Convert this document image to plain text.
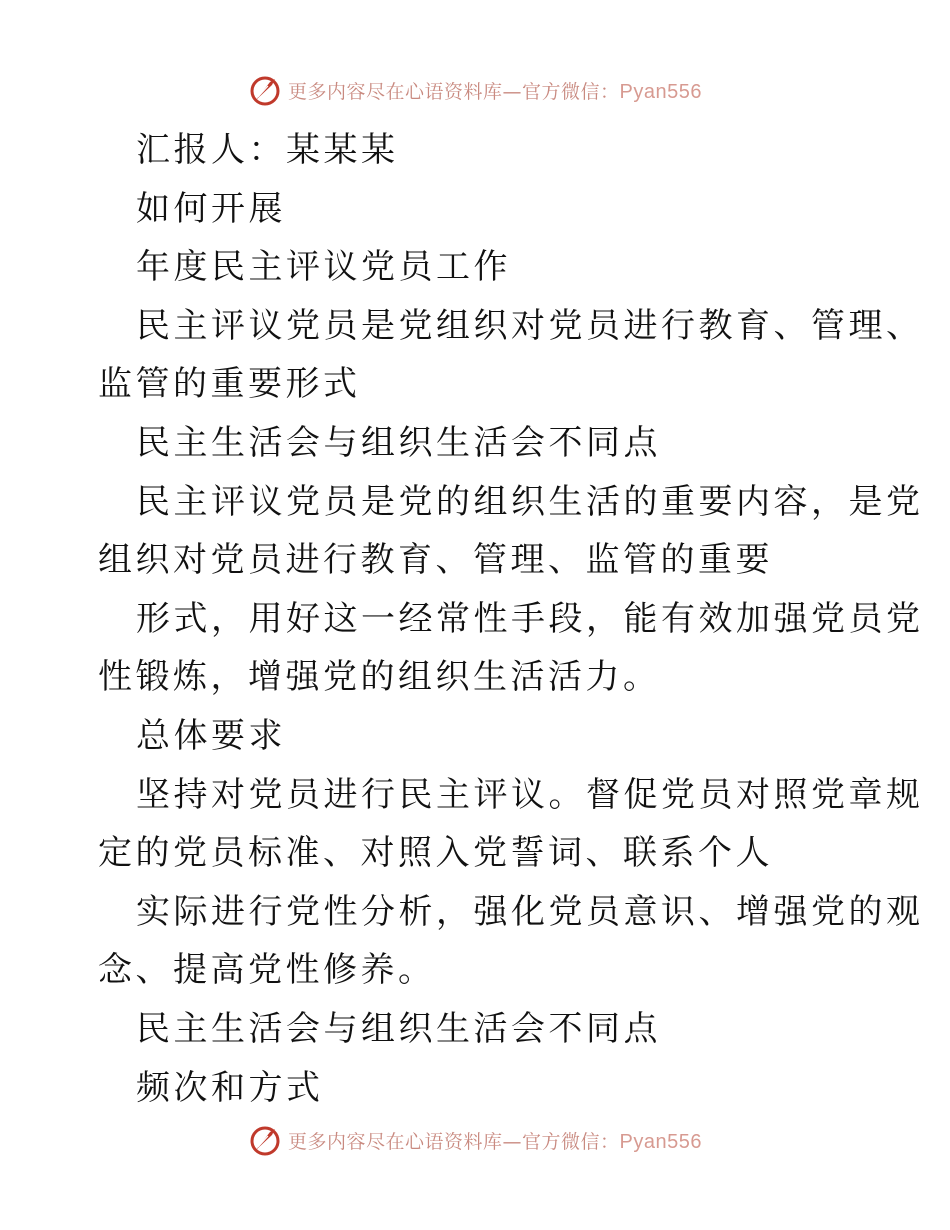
更多内容尽在心语资料库—官方微信：Pyan556
汇报人：某某某
如何开展
年度民主评议党员工作
民主评议党员是党组织对党员进行教育、管理、
监管的重要形式
民主生活会与组织生活会不同点
民主评议党员是党的组织生活的重要内容，是党
组织对党员进行教育、管理、监管的重要
形式，用好这一经常性手段，能有效加强党员党
性锻炼，增强党的组织生活活力。
总体要求
坚持对党员进行民主评议。督促党员对照党章规
定的党员标准、对照入党誓词、联系个人
实际进行党性分析，强化党员意识、增强党的观
念、提高党性修养。
民主生活会与组织生活会不同点
频次和方式
更多内容尽在心语资料库—官方微信：Pyan556
